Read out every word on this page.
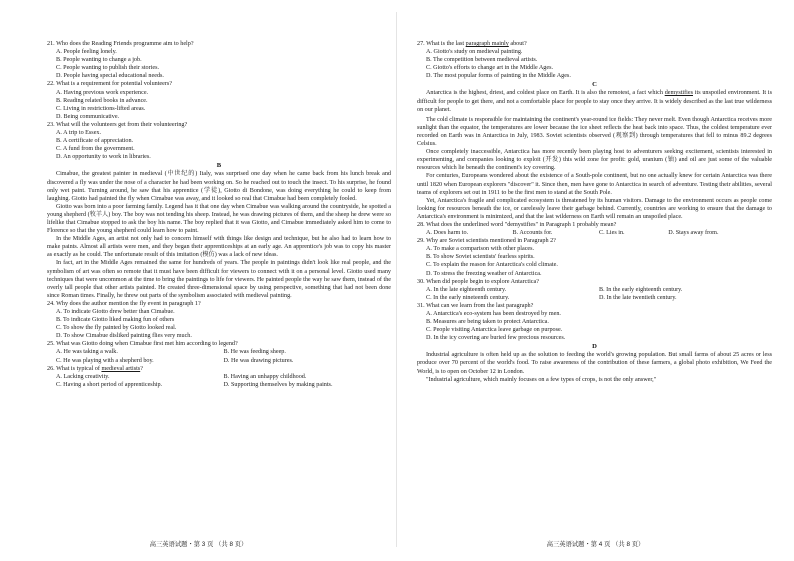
21. Who does the Reading Friends programme aim to help?
A. People feeling lonely.
B. People wanting to change a job.
C. People wanting to publish their stories.
D. People having special educational needs.
22. What is a requirement for potential volunteers?
A. Having previous work experience.
B. Reading related books in advance.
C. Living in restrictions-lifted areas.
D. Being communicative.
23. What will the volunteers get from their volunteering?
A. A trip to Essex.
B. A certificate of appreciation.
C. A fund from the government.
D. An opportunity to work in libraries.
B
Cimabue, the greatest painter in medieval (中世纪的) Italy, was surprised one day when he came back from his lunch break and discovered a fly was under the nose of a character he had been working on. So he reached out to touch the insect. To his surprise, he found only wet paint. Turning around, he saw that his apprentice (学徒), Giotto di Bondone, was doing everything he could to keep from laughing. Giotto had painted the fly when Cimabue was away, and it looked so real that Cimabue had been completely fooled.
Giotto was born into a poor farming family. Legend has it that one day when Cimabue was walking around the countryside, he spotted a young shepherd (牧羊人) boy. The boy was not tending his sheep. Instead, he was drawing pictures of them, and the sheep he drew were so lifelike that Cimabue stopped to ask the boy his name. The boy replied that it was Giotto, and Cimabue immediately asked him to come to Florence so that the young shepherd could learn how to paint.
In the Middle Ages, an artist not only had to concern himself with things like design and technique, but he also had to learn how to make paints. Almost all artists were men, and they began their apprenticeships at an early age. An apprentice's job was to copy his master as exactly as he could. The unfortunate result of this imitation (模仿) was a lack of new ideas.
In fact, art in the Middle Ages remained the same for hundreds of years. The people in paintings didn't look like real people, and the symbolism of art was often so remote that it must have been difficult for viewers to connect with it on a personal level. Giotto used many techniques that were uncommon at the time to bring the paintings to life for viewers. He painted people the way he saw them, instead of the overly tall people that other artists painted. He created three-dimensional space by using perspective, something that had not been done since Roman times. Finally, he threw out parts of the symbolism associated with medieval painting.
24. Why does the author mention the fly event in paragraph 1?
A. To indicate Giotto drew better than Cimabue.
B. To indicate Giotto liked making fun of others
C. To show the fly painted by Giotto looked real.
D. To show Cimabue disliked painting flies very much.
25. What was Giotto doing when Cimabue first met him according to legend?
A. He was taking a walk.	B. He was feeding sheep.
C. He was playing with a shepherd boy.	D. He was drawing pictures.
26. What is typical of medieval artists?
A. Lacking creativity.	B. Having an unhappy childhood.
C. Having a short period of apprenticeship.	D. Supporting themselves by making paints.
高三英语试题・第 3 页 （共 8 页）
27. What is the last paragraph mainly about?
A. Giotto's study on medieval painting.
B. The competition between medieval artists.
C. Giotto's efforts to change art in the Middle Ages.
D. The most popular forms of painting in the Middle Ages.
C
Antarctica is the highest, driest, and coldest place on Earth. It is also the remotest, a fact which demystifies its unspoiled environment. It is difficult for people to get there, and not a comfortable place for people to stay once they arrive. It is widely described as the last true wilderness on our planet.
The cold climate is responsible for maintaining the continent's year-round ice fields: They never melt. Even though Antarctica receives more sunlight than the equator, the temperatures are lower because the ice sheet reflects the heat back into space. Thus, the coldest temperature ever recorded on Earth was in Antarctica in July, 1983. Soviet scientists observed (观察到) through temperatures that fell to minus 89.2 degrees Celsius.
Once completely inaccessible, Antarctica has more recently been playing host to adventurers seeking excitement, scientists interested in experimenting, and companies looking to exploit (开发) this wild zone for profit: gold, uranium (铀) and oil are just some of the valuable resources which lie beneath the continent's icy covering.
For centuries, Europeans wondered about the existence of a South-pole continent, but no one actually knew for certain Antarctica was there until 1820 when European explorers "discover" it. Since then, men have gone to Antarctica in search of adventure. Testing their abilities, several teams of explorers set out in 1911 to be the first men to stand at the South Pole.
Yet, Antarctica's fragile and complicated ecosystem is threatened by its human visitors. Damage to the environment occurs as people come looking for resources beneath the ice, or carelessly leave their garbage behind. Currently, countries are working to ensure that the damage to Antarctica's environment is minimized, and that the last wilderness on Earth will remain an unspoiled place.
28. What does the underlined word "demystifies" in Paragraph 1 probably mean?
A. Does harm to.	B. Accounts for.	C. Lies in.	D. Stays away from.
29. Why are Soviet scientists mentioned in Paragraph 2?
A. To make a comparison with other places.
B. To show Soviet scientists' fearless spirits.
C. To explain the reason for Antarctica's cold climate.
D. To stress the freezing weather of Antarctica.
30. When did people begin to explore Antarctica?
A. In the late eighteenth century.	B. In the early eighteenth century.
C. In the early nineteenth century.	D. In the late twentieth century.
31. What can we learn from the last paragraph?
A. Antarctica's eco-system has been destroyed by men.
B. Measures are being taken to protect Antarctica.
C. People visiting Antarctica leave garbage on purpose.
D. In the icy covering are buried few precious resources.
D
Industrial agriculture is often held up as the solution to feeding the world's growing population. But small farms of about 25 acres or less produce over 70 percent of the world's food. To raise awareness of the contribution of these farmers, a global photo exhibition, We Feed the World, is to open on October 12 in London.
"Industrial agriculture, which mainly focuses on a few types of crops, is not the only answer,"
高三英语试题・第 4 页 （共 8 页）
